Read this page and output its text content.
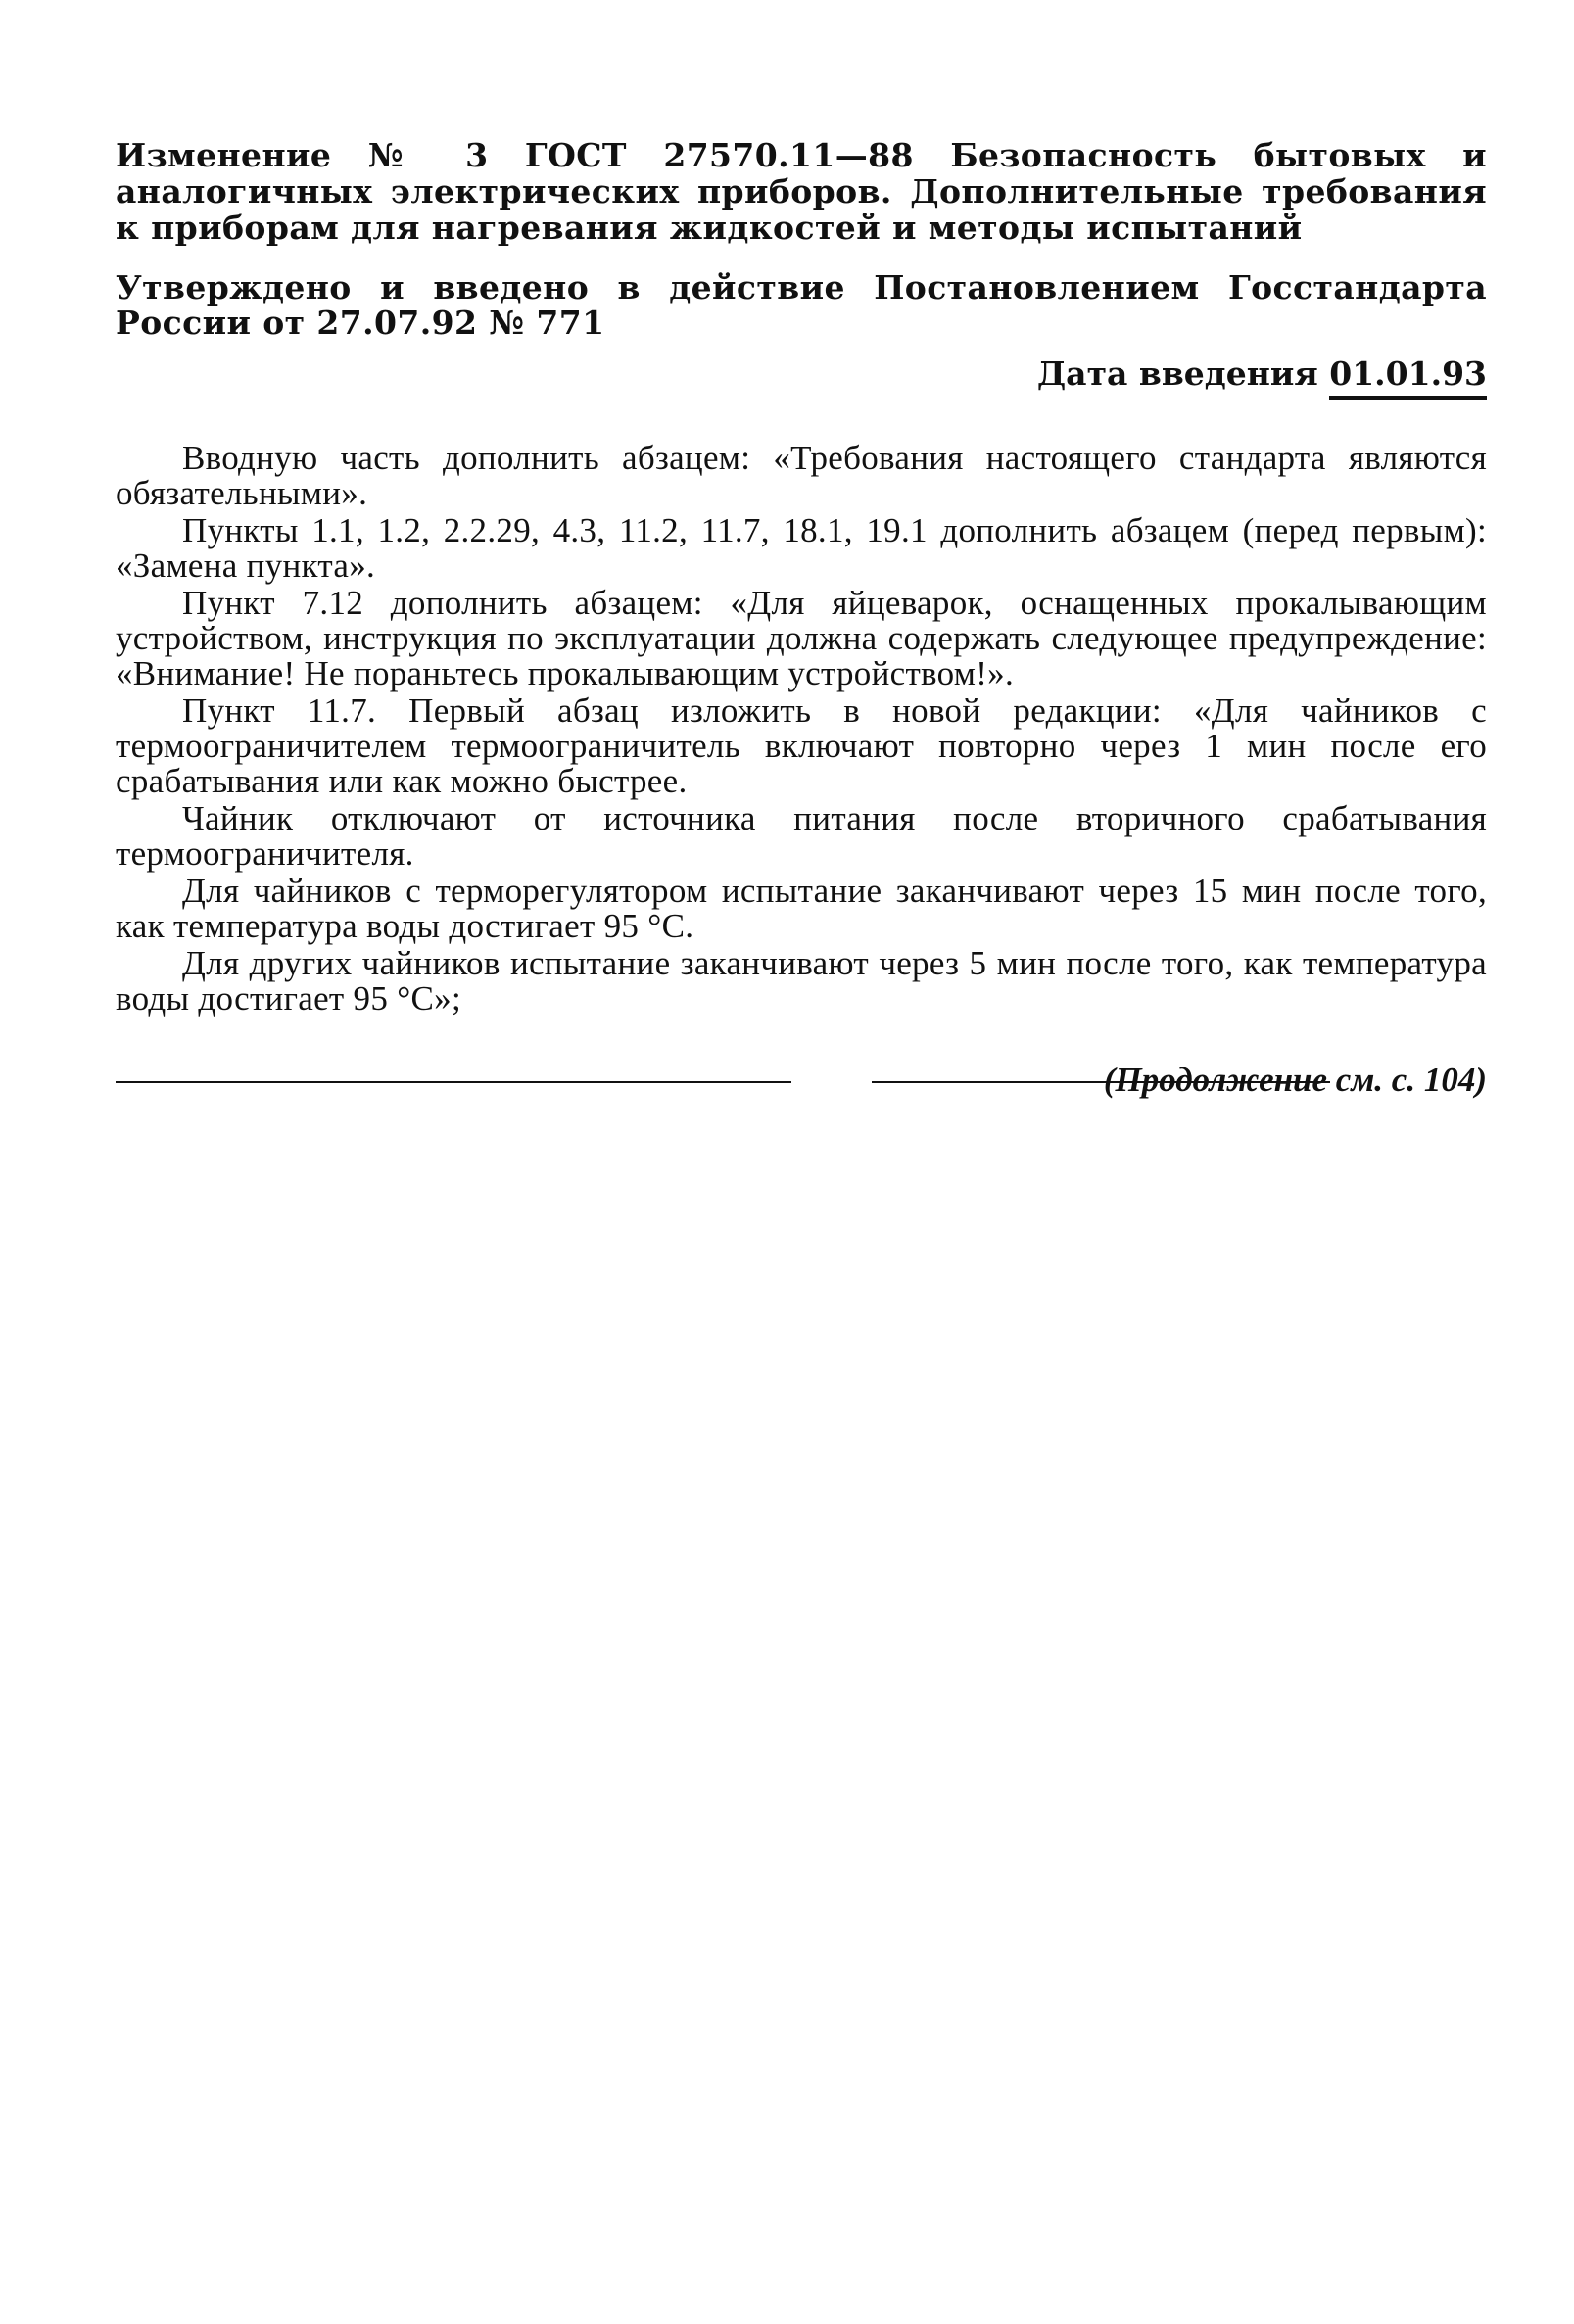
Изменение № 3 ГОСТ 27570.11—88 Безопасность бытовых и аналогичных электрических приборов. Дополнительные требования к приборам для нагревания жидкостей и методы испытаний

Утверждено и введено в действие Постановлением Госстандарта России от 27.07.92 № 771
Дата введения 01.01.93

Вводную часть дополнить абзацем: «Требования настоящего стандарта являются обязательными».

Пункты 1.1, 1.2, 2.2.29, 4.3, 11.2, 11.7, 18.1, 19.1 дополнить абзацем (перед первым): «Замена пункта».

Пункт 7.12 дополнить абзацем: «Для яйцеварок, оснащенных прокалывающим устройством, инструкция по эксплуатации должна содержать следующее предупреждение: «Внимание! Не пораньтесь прокалывающим устройством!».

Пункт 11.7. Первый абзац изложить в новой редакции: «Для чайников с термоограничителем термоограничитель включают повторно через 1 мин после его срабатывания или как можно быстрее.

Чайник отключают от источника питания после вторичного срабатывания термоограничителя.

Для чайников с терморегулятором испытание заканчивают через 15 мин после того, как температура воды достигает 95 °С.

Для других чайников испытание заканчивают через 5 мин после того, как температура воды достигает 95 °С»;

(Продолжение см. с. 104)
